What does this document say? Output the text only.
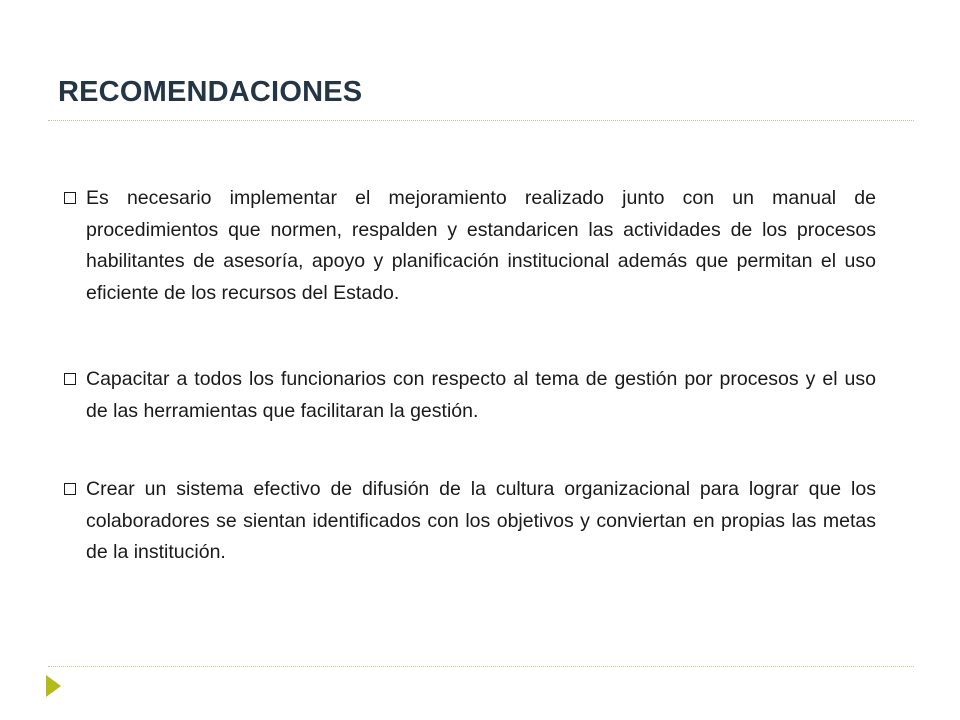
RECOMENDACIONES
Es necesario implementar el mejoramiento realizado junto con un manual de procedimientos que normen, respalden y estandaricen las actividades de los procesos habilitantes de asesoría, apoyo y planificación institucional además que permitan el uso eficiente de los recursos del Estado.
Capacitar a todos los funcionarios con respecto al tema de gestión por procesos y el uso de las herramientas que facilitaran la gestión.
Crear un sistema efectivo de difusión de la cultura organizacional para lograr que los colaboradores se sientan identificados con los objetivos y conviertan en propias las metas de la institución.
